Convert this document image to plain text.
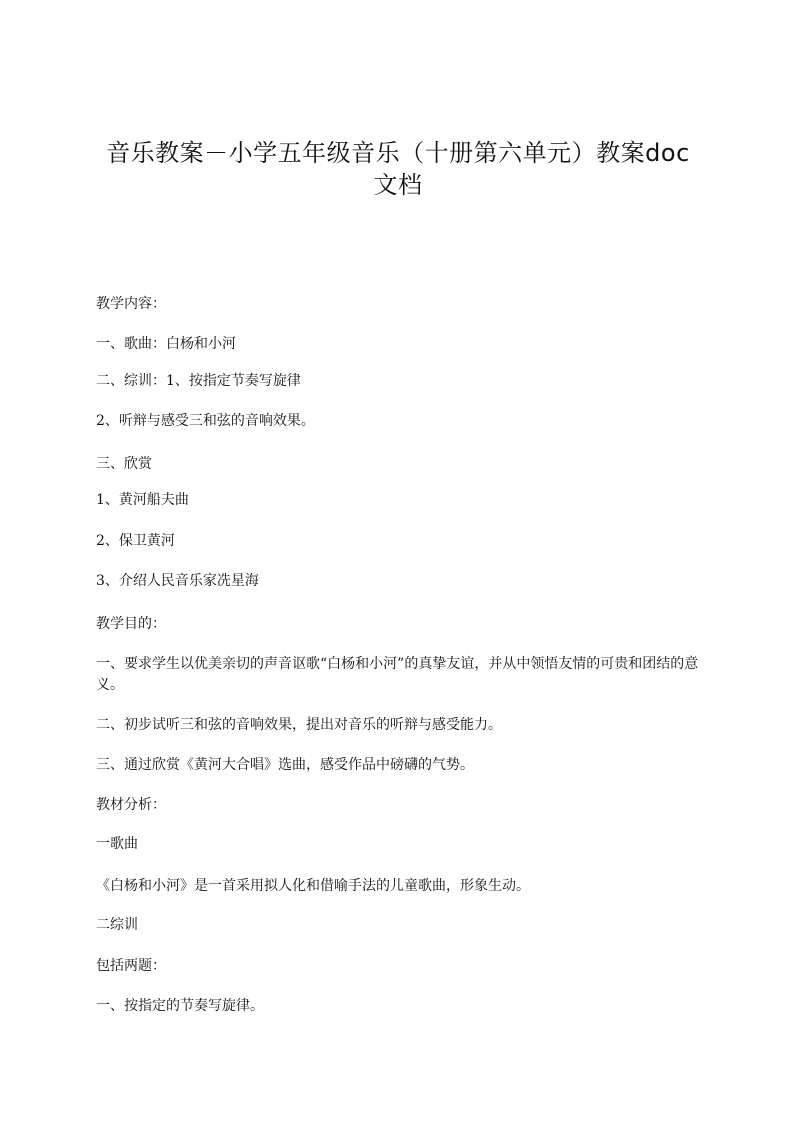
音乐教案－小学五年级音乐（十册第六单元）教案doc文档
教学内容：
一、歌曲：白杨和小河
二、综训：1、按指定节奏写旋律
2、听辩与感受三和弦的音响效果。
三、欣赏
1、黄河船夫曲
2、保卫黄河
3、介绍人民音乐家冼星海
教学目的：
一、要求学生以优美亲切的声音讴歌“白杨和小河”的真挚友谊，并从中领悟友情的可贵和团结的意义。
二、初步试听三和弦的音响效果，提出对音乐的听辩与感受能力。
三、通过欣赏《黄河大合唱》选曲，感受作品中磅礴的气势。
教材分析：
一歌曲
《白杨和小河》是一首采用拟人化和借喻手法的儿童歌曲，形象生动。
二综训
包括两题：
一、按指定的节奏写旋律。
